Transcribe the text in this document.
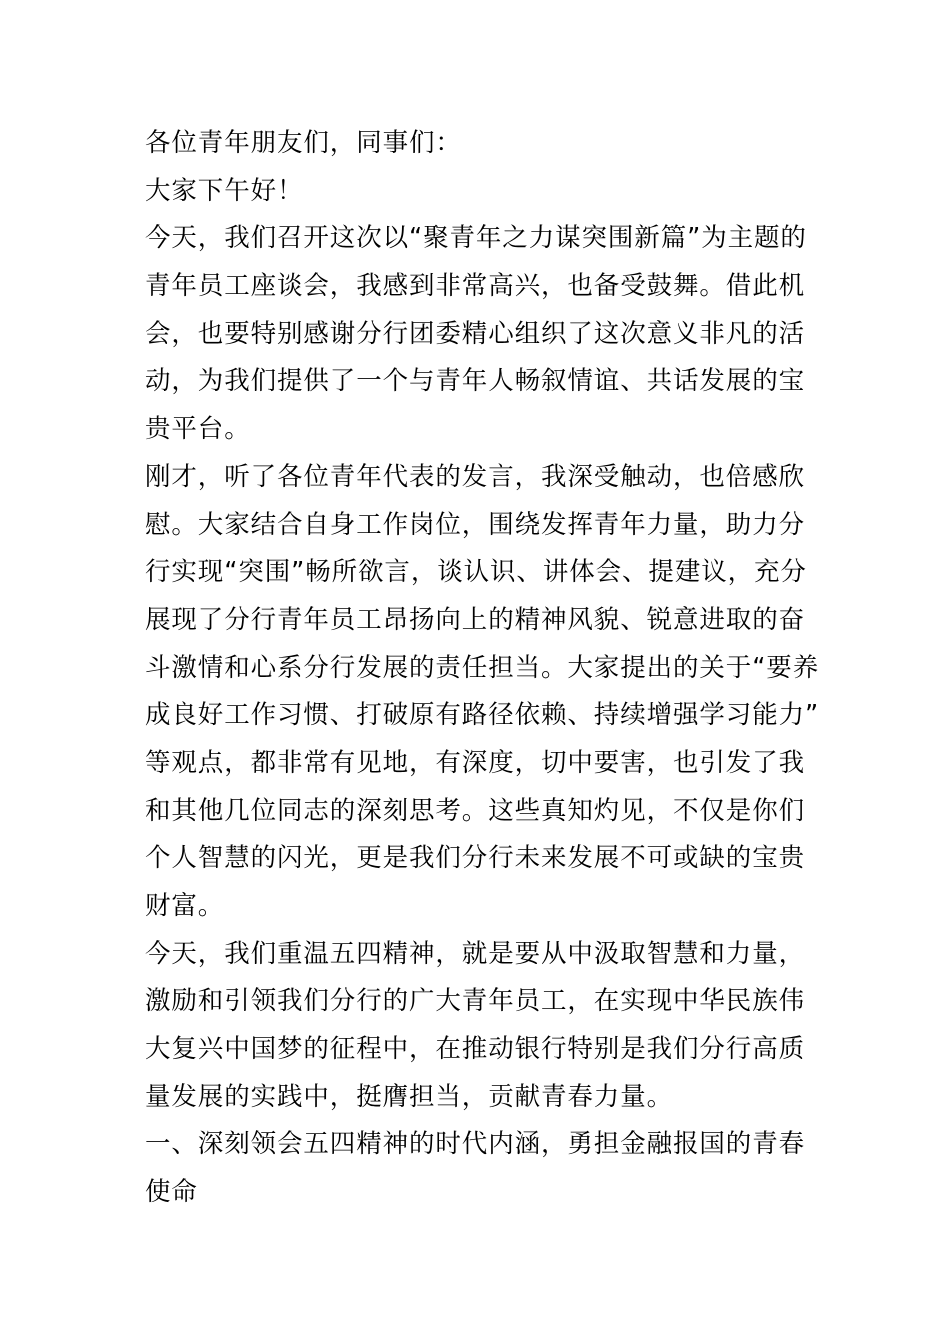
各位青年朋友们，同事们：
大家下午好！
今天，我们召开这次以“聚青年之力谋突围新篇”为主题的
青年员工座谈会，我感到非常高兴，也备受鼓舞。借此机
会，也要特别感谢分行团委精心组织了这次意义非凡的活
动，为我们提供了一个与青年人畅叙情谊、共话发展的宝
贵平台。
刚才，听了各位青年代表的发言，我深受触动，也倍感欣
慰。大家结合自身工作岗位，围绕发挥青年力量，助力分
行实现“突围”畅所欲言，谈认识、讲体会、提建议，充分
展现了分行青年员工昂扬向上的精神风貌、锐意进取的奋
斗激情和心系分行发展的责任担当。大家提出的关于“要养
成良好工作习惯、打破原有路径依赖、持续增强学习能力”
等观点，都非常有见地，有深度，切中要害，也引发了我
和其他几位同志的深刻思考。这些真知灼见，不仅是你们
个人智慧的闪光，更是我们分行未来发展不可或缺的宝贵
财富。
今天，我们重温五四精神，就是要从中汲取智慧和力量，
激励和引领我们分行的广大青年员工，在实现中华民族伟
大复兴中国梦的征程中，在推动银行特别是我们分行高质
量发展的实践中，挺膺担当，贡献青春力量。
一、深刻领会五四精神的时代内涵，勇担金融报国的青春
使命
